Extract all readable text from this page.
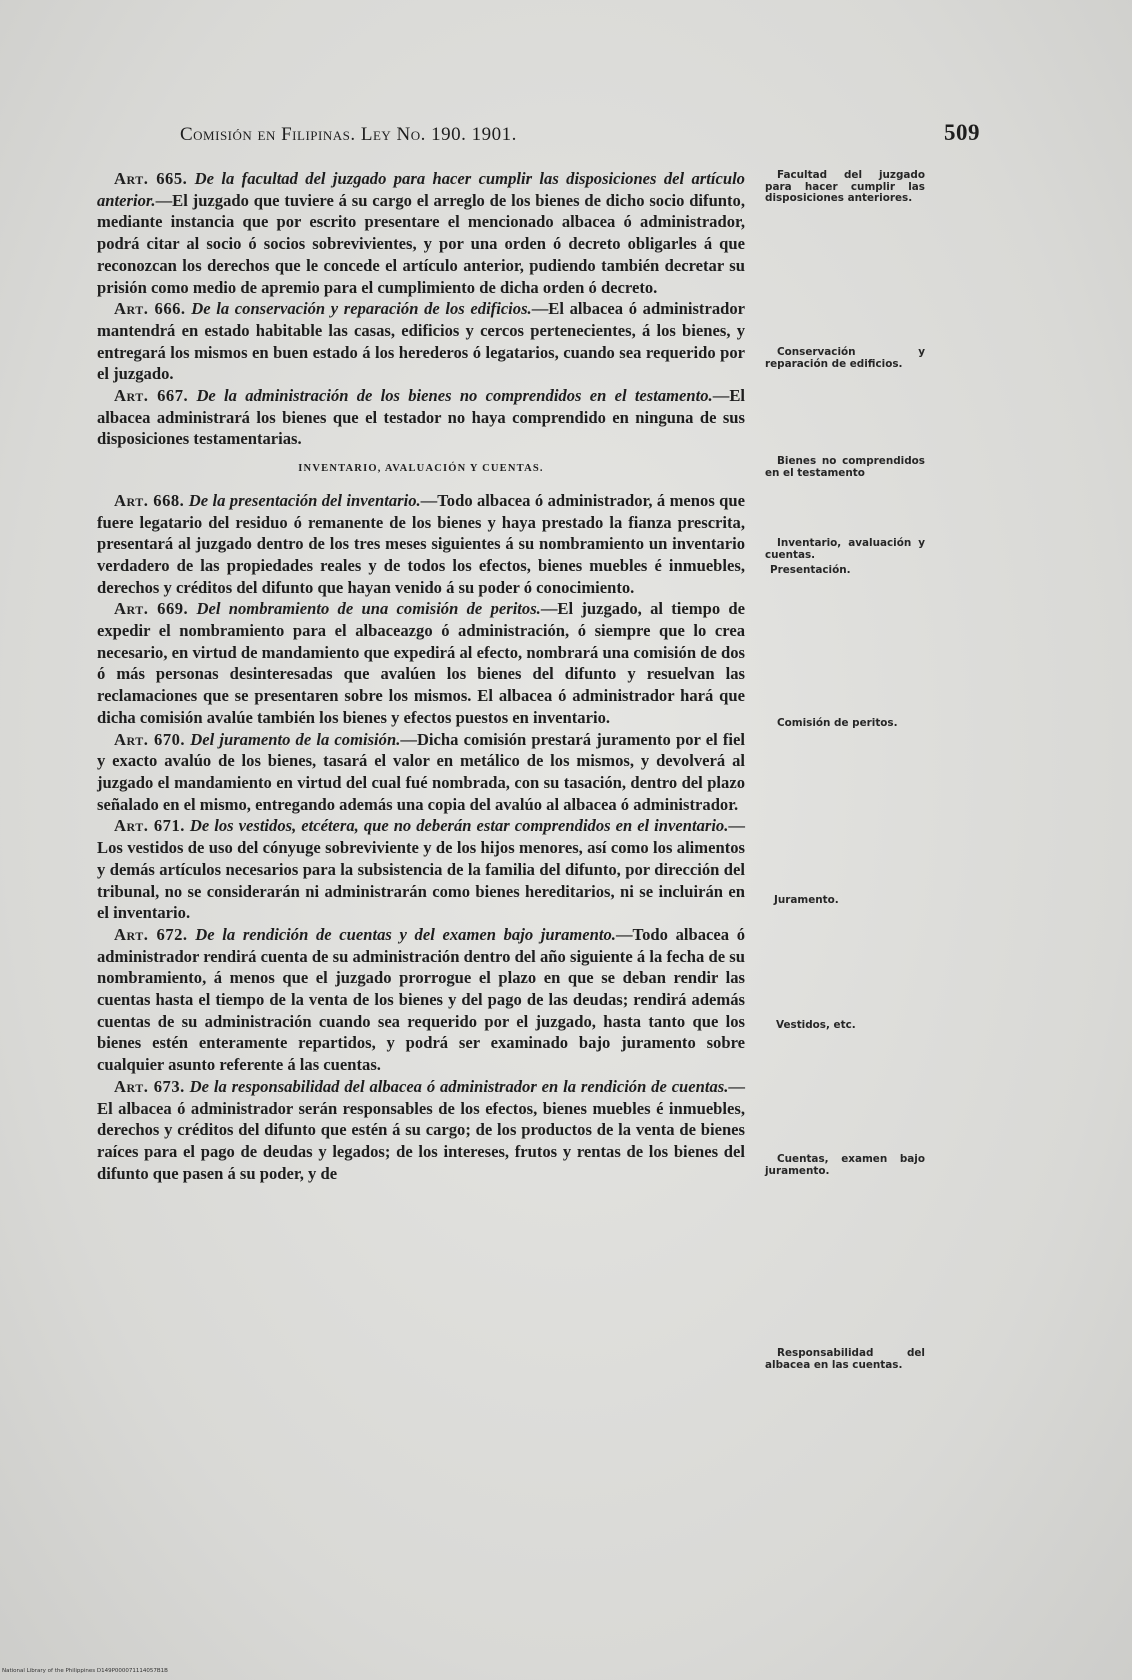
Comisión en Filipinas. Ley No. 190. 1901.	509

Art. 665. De la facultad del juzgado para hacer cumplir las disposiciones del artículo anterior.—El juzgado que tuviere á su cargo el arreglo de los bienes de dicho socio difunto, mediante instancia que por escrito presentare el mencionado albacea ó administrador, podrá citar al socio ó socios sobrevivientes, y por una orden ó decreto obligarles á que reconozcan los derechos que le concede el artículo anterior, pudiendo también decretar su prisión como medio de apremio para el cumplimiento de dicha orden ó decreto.

Art. 666. De la conservación y reparación de los edificios.—El albacea ó administrador mantendrá en estado habitable las casas, edificios y cercos pertenecientes, á los bienes, y entregará los mismos en buen estado á los herederos ó legatarios, cuando sea requerido por el juzgado.

Art. 667. De la administración de los bienes no comprendidos en el testamento.—El albacea administrará los bienes que el testador no haya comprendido en ninguna de sus disposiciones testamentarias.

INVENTARIO, AVALUACIÓN Y CUENTAS.

Art. 668. De la presentación del inventario.—Todo albacea ó administrador, á menos que fuere legatario del residuo ó remanente de los bienes y haya prestado la fianza prescrita, presentará al juzgado dentro de los tres meses siguientes á su nombramiento un inventario verdadero de las propiedades reales y de todos los efectos, bienes muebles é inmuebles, derechos y créditos del difunto que hayan venido á su poder ó conocimiento.

Art. 669. Del nombramiento de una comisión de peritos.—El juzgado, al tiempo de expedir el nombramiento para el albaceazgo ó administración, ó siempre que lo crea necesario, en virtud de mandamiento que expedirá al efecto, nombrará una comisión de dos ó más personas desinteresadas que avalúen los bienes del difunto y resuelvan las reclamaciones que se presentaren sobre los mismos. El albacea ó administrador hará que dicha comisión avalúe también los bienes y efectos puestos en inventario.

Art. 670. Del juramento de la comisión.—Dicha comisión prestará juramento por el fiel y exacto avalúo de los bienes, tasará el valor en metálico de los mismos, y devolverá al juzgado el mandamiento en virtud del cual fué nombrada, con su tasación, dentro del plazo señalado en el mismo, entregando además una copia del avalúo al albacea ó administrador.

Art. 671. De los vestidos, etcétera, que no deberán estar comprendidos en el inventario.—Los vestidos de uso del cónyuge sobreviviente y de los hijos menores, así como los alimentos y demás artículos necesarios para la subsistencia de la familia del difunto, por dirección del tribunal, no se considerarán ni administrarán como bienes hereditarios, ni se incluirán en el inventario.

Art. 672. De la rendición de cuentas y del examen bajo juramento.—Todo albacea ó administrador rendirá cuenta de su administración dentro del año siguiente á la fecha de su nombramiento, á menos que el juzgado prorrogue el plazo en que se deban rendir las cuentas hasta el tiempo de la venta de los bienes y del pago de las deudas; rendirá además cuentas de su administración cuando sea requerido por el juzgado, hasta tanto que los bienes estén enteramente repartidos, y podrá ser examinado bajo juramento sobre cualquier asunto referente á las cuentas.

Art. 673. De la responsabilidad del albacea ó administrador en la rendición de cuentas.—El albacea ó administrador serán responsables de los efectos, bienes muebles é inmuebles, derechos y créditos del difunto que estén á su cargo; de los productos de la venta de bienes raíces para el pago de deudas y legados; de los intereses, frutos y rentas de los bienes del difunto que pasen á su poder, y de

Facultad del juzgado para hacer cumplir las disposiciones anteriores.
Conservación y reparación de edificios.
Bienes no comprendidos en el testamento
Inventario, avaluación y cuentas.
Presentación.
Comisión de peritos.
Juramento.
Vestidos, etc.
Cuentas, examen bajo juramento.
Responsabilidad del albacea en las cuentas.
National Library of the Philippines D149P000071114057B1B
